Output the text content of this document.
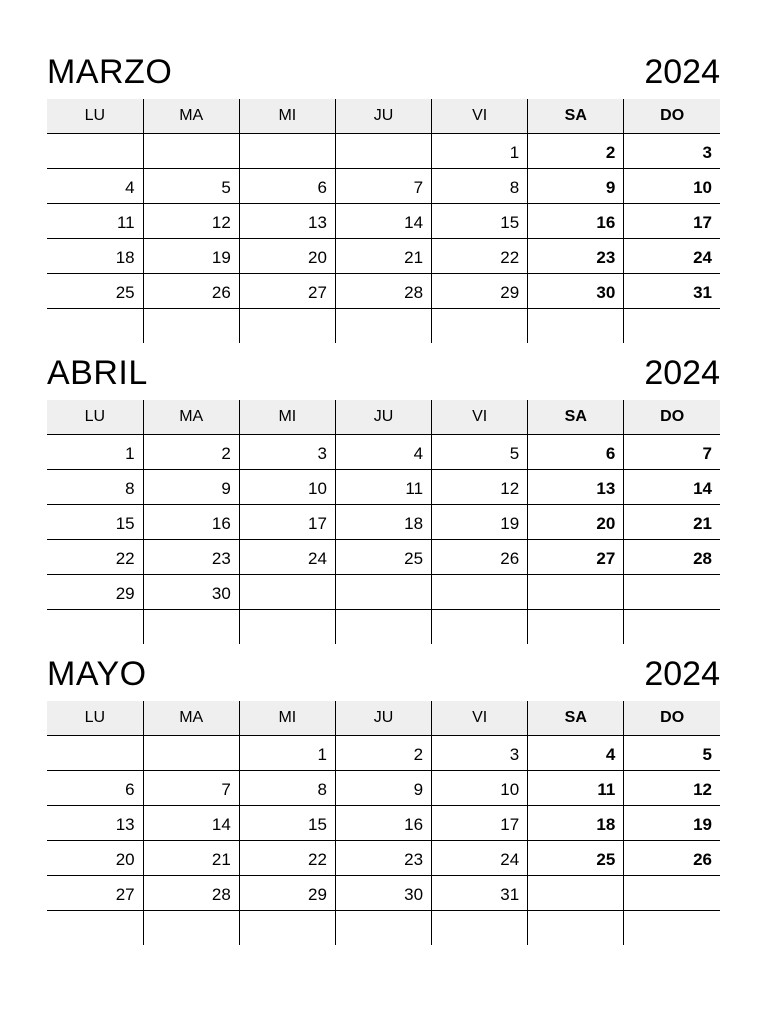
MARZO	2024
LU	MA	MI	JU	VI	SA	DO
				1	2	3
4	5	6	7	8	9	10
11	12	13	14	15	16	17
18	19	20	21	22	23	24
25	26	27	28	29	30	31

ABRIL	2024
LU	MA	MI	JU	VI	SA	DO
1	2	3	4	5	6	7
8	9	10	11	12	13	14
15	16	17	18	19	20	21
22	23	24	25	26	27	28
29	30					

MAYO	2024
LU	MA	MI	JU	VI	SA	DO
		1	2	3	4	5
6	7	8	9	10	11	12
13	14	15	16	17	18	19
20	21	22	23	24	25	26
27	28	29	30	31		
